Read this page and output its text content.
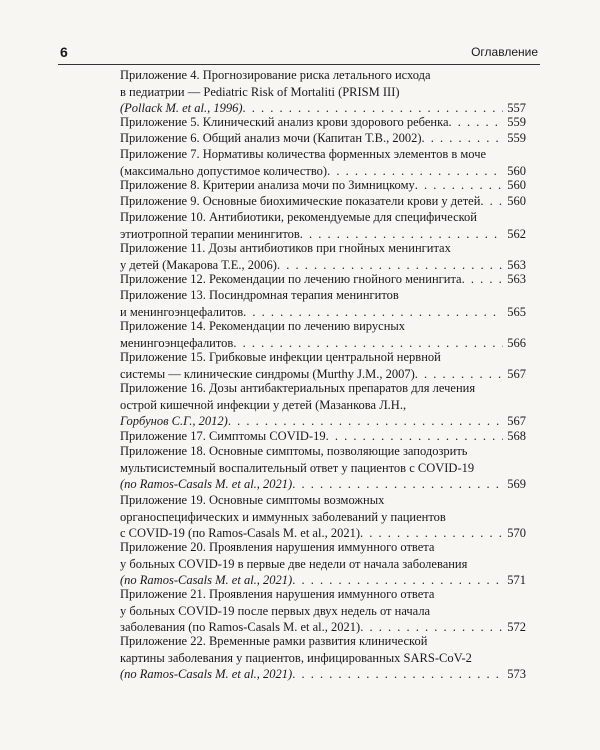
6	Оглавление
Приложение 4. Прогнозирование риска летального исхода
в педиатрии — Pediatric Risk of Mortaliti (PRISM III)
(Pollack M. et al., 1996) . . .	557
Приложение 5. Клинический анализ крови здорового ребенка . . .	559
Приложение 6. Общий анализ мочи (Капитан Т.В., 2002) . . .	559
Приложение 7. Нормативы количества форменных элементов в моче
(максимально допустимое количество) . . .	560
Приложение 8. Критерии анализа мочи по Зимницкому . . .	560
Приложение 9. Основные биохимические показатели крови у детей . . .	560
Приложение 10. Антибиотики, рекомендуемые для специфической
этиотропной терапии менингитов . . .	562
Приложение 11. Дозы антибиотиков при гнойных менингитах
у детей (Макарова Т.Е., 2006) . . .	563
Приложение 12. Рекомендации по лечению гнойного менингита . . .	563
Приложение 13. Посиндромная терапия менингитов
и менингоэнцефалитов . . .	565
Приложение 14. Рекомендации по лечению вирусных
менингоэнцефалитов . . .	566
Приложение 15. Грибковые инфекции центральной нервной
системы — клинические синдромы (Murthy J.M., 2007) . . .	567
Приложение 16. Дозы антибактериальных препаратов для лечения
острой кишечной инфекции у детей (Мазанкова Л.Н.,
Горбунов С.Г., 2012) . . .	567
Приложение 17. Симптомы COVID-19 . . .	568
Приложение 18. Основные симптомы, позволяющие заподозрить
мультисистемный воспалительный ответ у пациентов с COVID-19
(по Ramos-Casals M. et al., 2021) . . .	569
Приложение 19. Основные симптомы возможных
органоспецифических и иммунных заболеваний у пациентов
с COVID-19 (по Ramos-Casals M. et al., 2021) . . .	570
Приложение 20. Проявления нарушения иммунного ответа
у больных COVID-19 в первые две недели от начала заболевания
(по Ramos-Casals M. et al., 2021) . . .	571
Приложение 21. Проявления нарушения иммунного ответа
у больных COVID-19 после первых двух недель от начала
заболевания (по Ramos-Casals M. et al., 2021) . . .	572
Приложение 22. Временные рамки развития клинической
картины заболевания у пациентов, инфицированных SARS-CoV-2
(по Ramos-Casals M. et al., 2021) . . .	573
